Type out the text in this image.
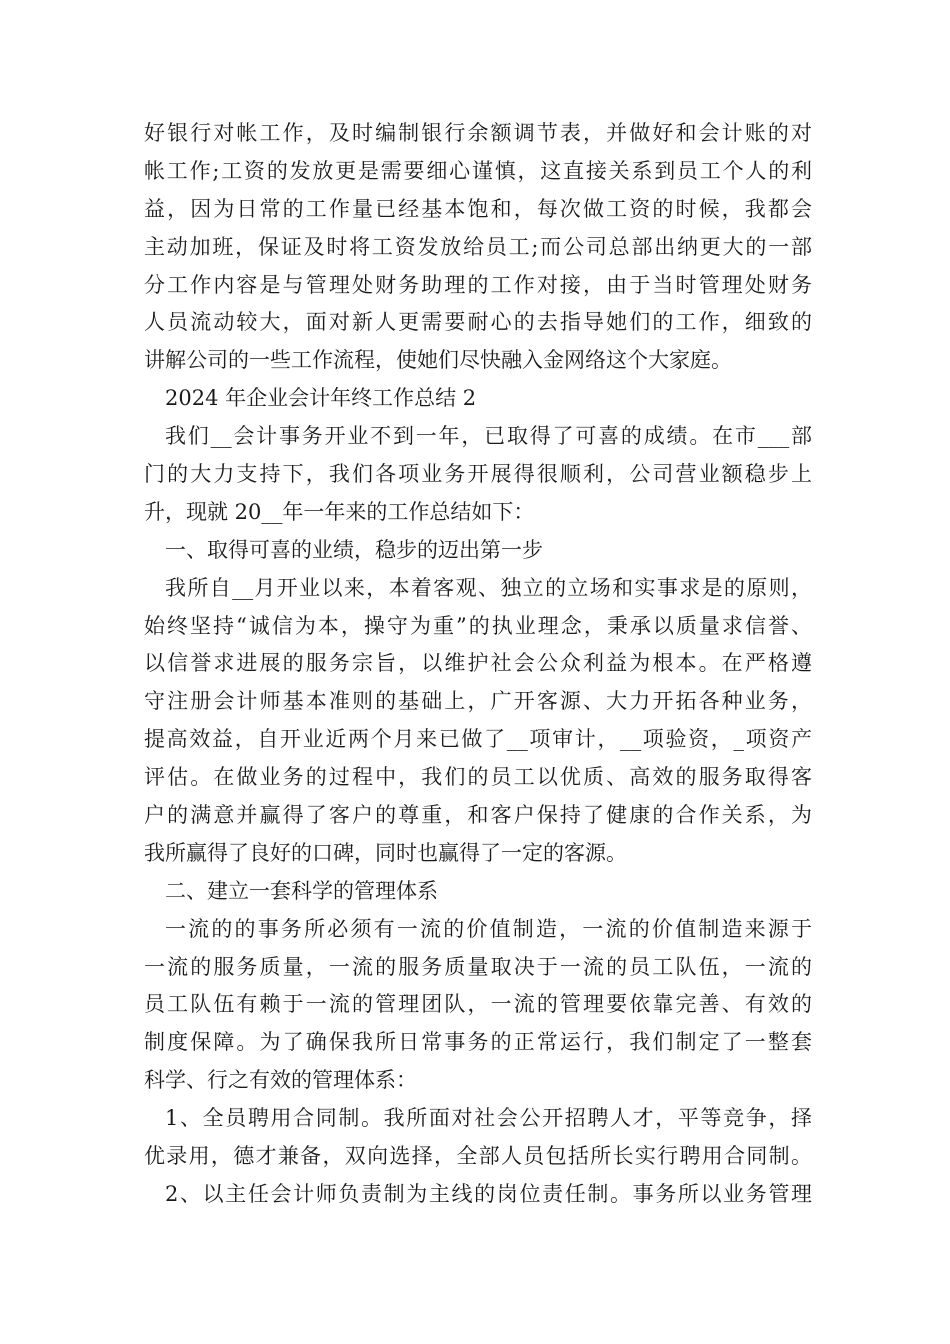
好银行对帐工作，及时编制银行余额调节表，并做好和会计账的对
帐工作;工资的发放更是需要细心谨慎，这直接关系到员工个人的利
益，因为日常的工作量已经基本饱和，每次做工资的时候，我都会
主动加班，保证及时将工资发放给员工;而公司总部出纳更大的一部
分工作内容是与管理处财务助理的工作对接，由于当时管理处财务
人员流动较大，面对新人更需要耐心的去指导她们的工作，细致的
讲解公司的一些工作流程，使她们尽快融入金网络这个大家庭。
2024 年企业会计年终工作总结 2
我们__会计事务开业不到一年，已取得了可喜的成绩。在市___部
门的大力支持下，我们各项业务开展得很顺利，公司营业额稳步上
升，现就 20__年一年来的工作总结如下：
一、取得可喜的业绩，稳步的迈出第一步
我所自__月开业以来，本着客观、独立的立场和实事求是的原则，
始终坚持“诚信为本，操守为重”的执业理念，秉承以质量求信誉、
以信誉求进展的服务宗旨，以维护社会公众利益为根本。在严格遵
守注册会计师基本准则的基础上，广开客源、大力开拓各种业务，
提高效益，自开业近两个月来已做了__项审计，__项验资，_项资产
评估。在做业务的过程中，我们的员工以优质、高效的服务取得客
户的满意并赢得了客户的尊重，和客户保持了健康的合作关系，为
我所赢得了良好的口碑，同时也赢得了一定的客源。
二、建立一套科学的管理体系
一流的的事务所必须有一流的价值制造，一流的价值制造来源于
一流的服务质量，一流的服务质量取决于一流的员工队伍，一流的
员工队伍有赖于一流的管理团队，一流的管理要依靠完善、有效的
制度保障。为了确保我所日常事务的正常运行，我们制定了一整套
科学、行之有效的管理体系：
1、全员聘用合同制。我所面对社会公开招聘人才，平等竞争，择
优录用，德才兼备，双向选择，全部人员包括所长实行聘用合同制。
2、以主任会计师负责制为主线的岗位责任制。事务所以业务管理
